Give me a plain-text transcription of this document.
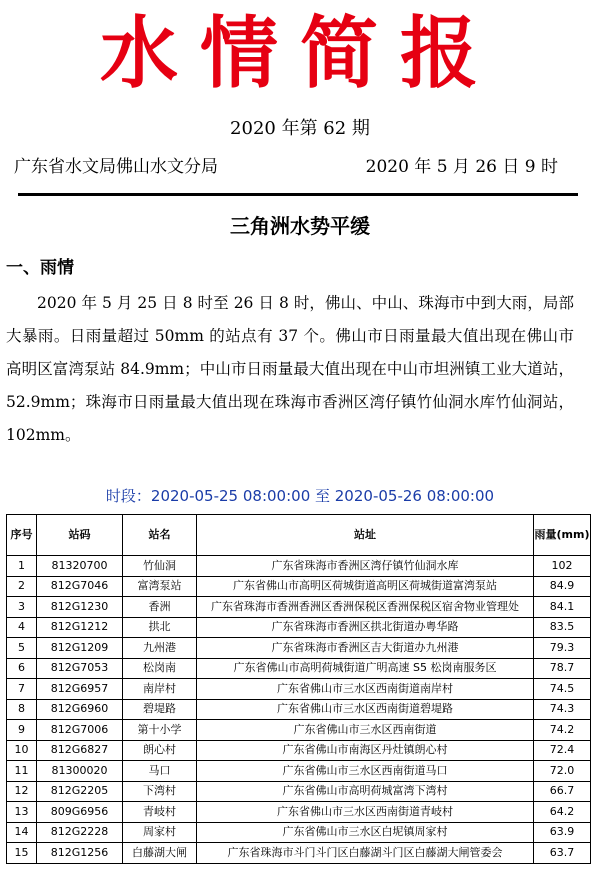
水情简报
2020 年第 62 期
广东省水文局佛山水文分局	2020 年 5 月 26 日 9 时
三角洲水势平缓
一、雨情
2020 年 5 月 25 日 8 时至 26 日 8 时，佛山、中山、珠海市中到大雨，局部大暴雨。日雨量超过 50mm 的站点有 37 个。佛山市日雨量最大值出现在佛山市高明区富湾泵站 84.9mm；中山市日雨量最大值出现在中山市坦洲镇工业大道站，52.9mm；珠海市日雨量最大值出现在珠海市香洲区湾仔镇竹仙洞水库竹仙洞站，102mm。
时段：2020-05-25 08:00:00 至 2020-05-26 08:00:00
序号	站码	站名	站址	雨量(mm)
1	81320700	竹仙洞	广东省珠海市香洲区湾仔镇竹仙洞水库	102
2	812G7046	富湾泵站	广东省佛山市高明区荷城街道高明区荷城街道富湾泵站	84.9
3	812G1230	香洲	广东省珠海市香洲香洲区香洲保税区香洲保税区宿舍物业管理处	84.1
4	812G1212	拱北	广东省珠海市香洲区拱北街道办粤华路	83.5
5	812G1209	九州港	广东省珠海市香洲区吉大街道办九州港	79.3
6	812G7053	松岗南	广东省佛山市高明荷城街道广明高速 S5 松岗南服务区	78.7
7	812G6957	南岸村	广东省佛山市三水区西南街道南岸村	74.5
8	812G6960	碧堤路	广东省佛山市三水区西南街道碧堤路	74.3
9	812G7006	第十小学	广东省佛山市三水区西南街道	74.2
10	812G6827	朗心村	广东省佛山市南海区丹灶镇朗心村	72.4
11	81300020	马口	广东省佛山市三水区西南街道马口	72.0
12	812G2205	下湾村	广东省佛山市高明荷城富湾下湾村	66.7
13	809G6956	青岐村	广东省佛山市三水区西南街道青岐村	64.2
14	812G2228	周家村	广东省佛山市三水区白坭镇周家村	63.9
15	812G1256	白藤湖大闸	广东省珠海市斗门斗门区白藤湖斗门区白藤湖大闸管委会	63.7
